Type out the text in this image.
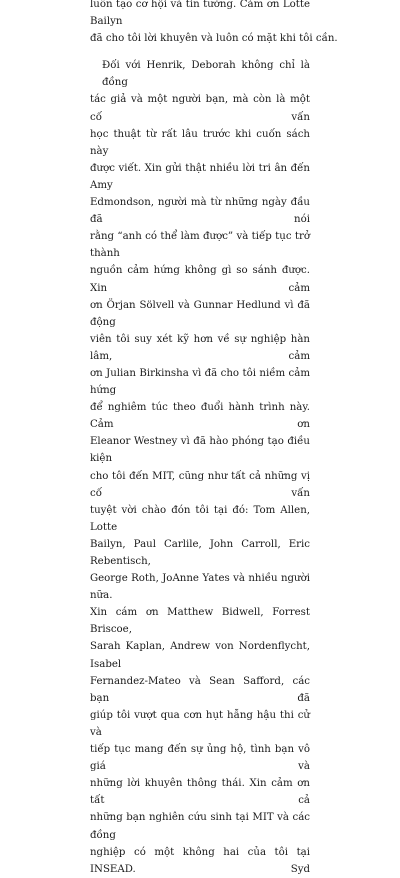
luôn tạo cơ hội và tin tưởng. Cảm ơn Lotte Bailyn
đã cho tôi lời khuyên và luôn có mặt khi tôi cần.
Đối với Henrik, Deborah không chỉ là đồng
tác giả và một người bạn, mà còn là một cố vấn
học thuật từ rất lâu trước khi cuốn sách này
được viết. Xin gửi thật nhiều lời tri ân đến Amy
Edmondson, người mà từ những ngày đầu đã nói
rằng “anh có thể làm được” và tiếp tục trở thành
nguồn cảm hứng không gì so sánh được. Xin cảm
ơn Örjan Sölvell và Gunnar Hedlund vì đã động
viên tôi suy xét kỹ hơn về sự nghiệp hàn lâm, cảm
ơn Julian Birkinsha vì đã cho tôi niềm cảm hứng
để nghiêm túc theo đuổi hành trình này. Cảm ơn
Eleanor Westney vì đã hào phóng tạo điều kiện
cho tôi đến MIT, cũng như tất cả những vị cố vấn
tuyệt vời chào đón tôi tại đó: Tom Allen, Lotte
Bailyn, Paul Carlile, John Carroll, Eric Rebentisch,
George Roth, JoAnne Yates và nhiều người nữa.
Xin cám ơn Matthew Bidwell, Forrest Briscoe,
Sarah Kaplan, Andrew von Nordenflycht, Isabel
Fernandez-Mateo và Sean Safford, các bạn đã
giúp tôi vượt qua cơn hụt hẫng hậu thi cử và
tiếp tục mang đến sự ủng hộ, tình bạn vô giá và
những lời khuyên thông thái. Xin cảm ơn tất cả
những bạn nghiên cứu sinh tại MIT và các đồng
nghiệp có một không hai của tôi tại INSEAD. Syd
